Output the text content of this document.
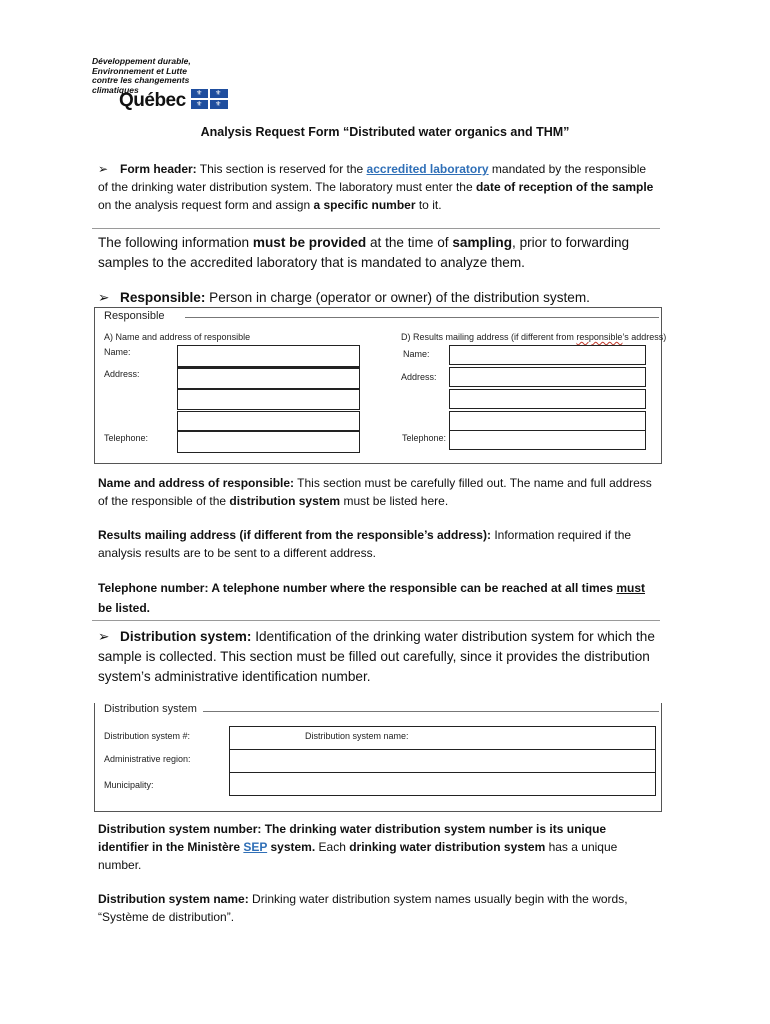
Développement durable,
Environnement et Lutte
contre les changements
climatiques
Québec ⚜ ⚜
⚜ ⚜
Analysis Request Form “Distributed water organics and THM”
➢ Form header: This section is reserved for the accredited laboratory mandated by the responsible of the drinking water distribution system. The laboratory must enter the date of reception of the sample on the analysis request form and assign a specific number to it.
The following information must be provided at the time of sampling, prior to forwarding samples to the accredited laboratory that is mandated to analyze them.
➢ Responsible: Person in charge (operator or owner) of the distribution system.
Responsible
A) Name and address of responsible	D) Results mailing address (if different from responsible’s address)
Name:
Address:
Telephone:
Name:
Address:
Telephone:
Name and address of responsible: This section must be carefully filled out. The name and full address of the responsible of the distribution system must be listed here.
Results mailing address (if different from the responsible’s address): Information required if the analysis results are to be sent to a different address.
Telephone number: A telephone number where the responsible can be reached at all times must be listed.
➢ Distribution system: Identification of the drinking water distribution system for which the sample is collected. This section must be filled out carefully, since it provides the distribution system’s administrative identification number.
Distribution system
Distribution system #:	Distribution system name:
Administrative region:
Municipality:
Distribution system number: The drinking water distribution system number is its unique identifier in the Ministère SEP system. Each drinking water distribution system has a unique number.
Distribution system name: Drinking water distribution system names usually begin with the words, “Système de distribution”.
